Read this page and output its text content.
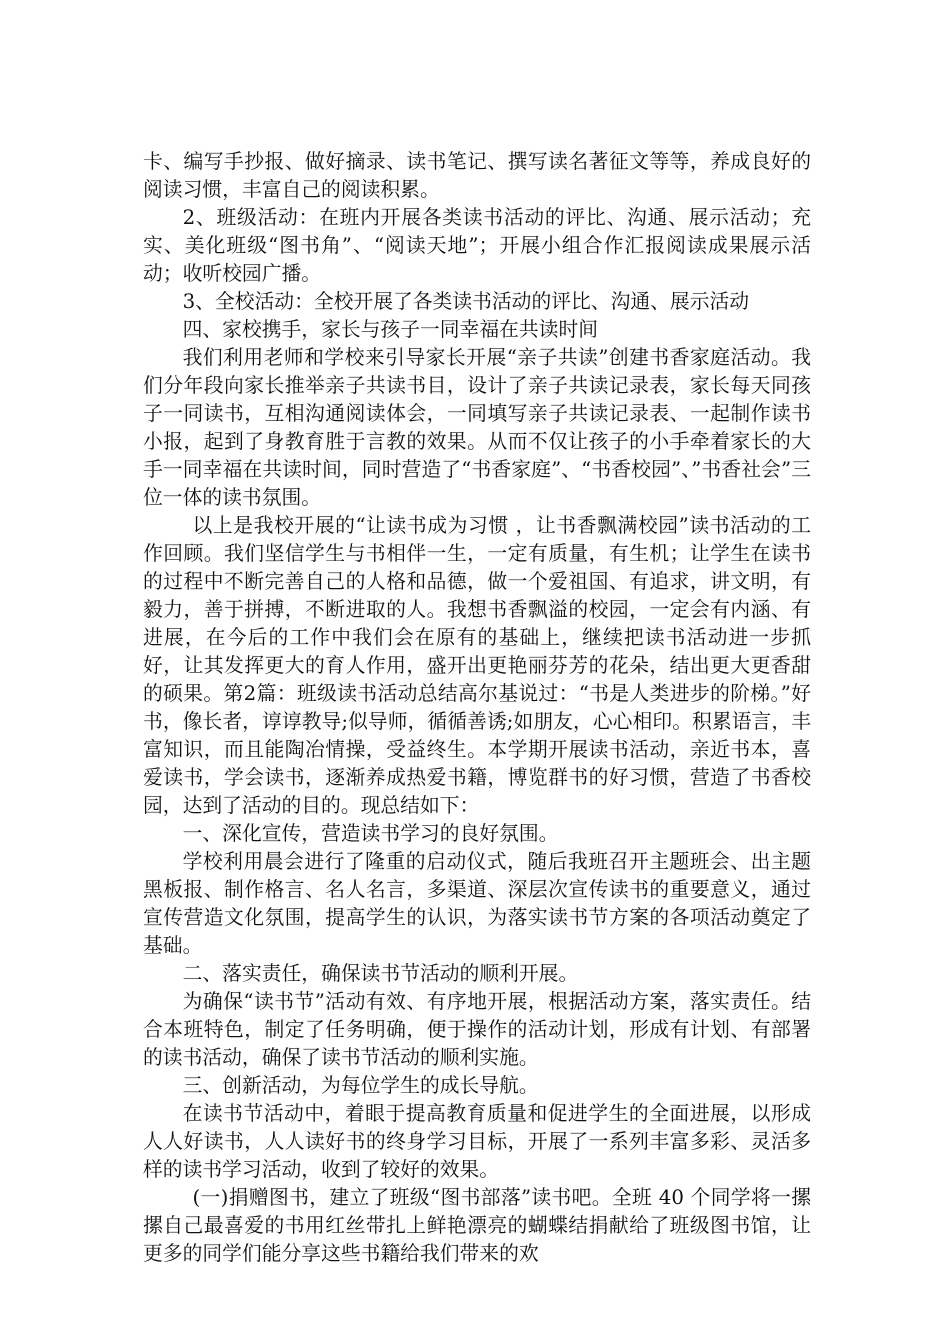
卡、编写手抄报、做好摘录、读书笔记、撰写读名著征文等等，养成良好的阅读习惯，丰富自己的阅读积累。

2、班级活动：在班内开展各类读书活动的评比、沟通、展示活动；充实、美化班级“图书角”、“阅读天地”；开展小组合作汇报阅读成果展示活动；收听校园广播。

3、全校活动：全校开展了各类读书活动的评比、沟通、展示活动

四、家校携手，家长与孩子一同幸福在共读时间

我们利用老师和学校来引导家长开展“亲子共读”创建书香家庭活动。我们分年段向家长推举亲子共读书目，设计了亲子共读记录表，家长每天同孩子一同读书，互相沟通阅读体会，一同填写亲子共读记录表、一起制作读书小报，起到了身教育胜于言教的效果。从而不仅让孩子的小手牵着家长的大手一同幸福在共读时间，同时营造了“书香家庭”、“书香校园”、”书香社会”三位一体的读书氛围。

以上是我校开展的“让读书成为习惯 ，让书香飘满校园”读书活动的工作回顾。我们坚信学生与书相伴一生，一定有质量，有生机；让学生在读书的过程中不断完善自己的人格和品德，做一个爱祖国、有追求，讲文明，有毅力，善于拼搏，不断进取的人。我想书香飘溢的校园，一定会有内涵、有进展，在今后的工作中我们会在原有的基础上，继续把读书活动进一步抓好，让其发挥更大的育人作用，盛开出更艳丽芬芳的花朵，结出更大更香甜的硕果。第2篇：班级读书活动总结高尔基说过：“书是人类进步的阶梯。”好书，像长者，谆谆教导;似导师，循循善诱;如朋友，心心相印。积累语言，丰富知识，而且能陶冶情操，受益终生。本学期开展读书活动，亲近书本，喜爱读书，学会读书，逐渐养成热爱书籍，博览群书的好习惯，营造了书香校园，达到了活动的目的。现总结如下：

一、深化宣传，营造读书学习的良好氛围。

学校利用晨会进行了隆重的启动仪式，随后我班召开主题班会、出主题黑板报、制作格言、名人名言，多渠道、深层次宣传读书的重要意义，通过宣传营造文化氛围，提高学生的认识，为落实读书节方案的各项活动奠定了基础。

二、落实责任，确保读书节活动的顺利开展。

为确保“读书节”活动有效、有序地开展，根据活动方案，落实责任。结合本班特色，制定了任务明确，便于操作的活动计划，形成有计划、有部署的读书活动，确保了读书节活动的顺利实施。

三、创新活动，为每位学生的成长导航。

在读书节活动中，着眼于提高教育质量和促进学生的全面进展，以形成人人好读书，人人读好书的终身学习目标，开展了一系列丰富多彩、灵活多样的读书学习活动，收到了较好的效果。

(一)捐赠图书，建立了班级“图书部落”读书吧。全班 40 个同学将一摞摞自己最喜爱的书用红丝带扎上鲜艳漂亮的蝴蝶结捐献给了班级图书馆，让更多的同学们能分享这些书籍给我们带来的欢
